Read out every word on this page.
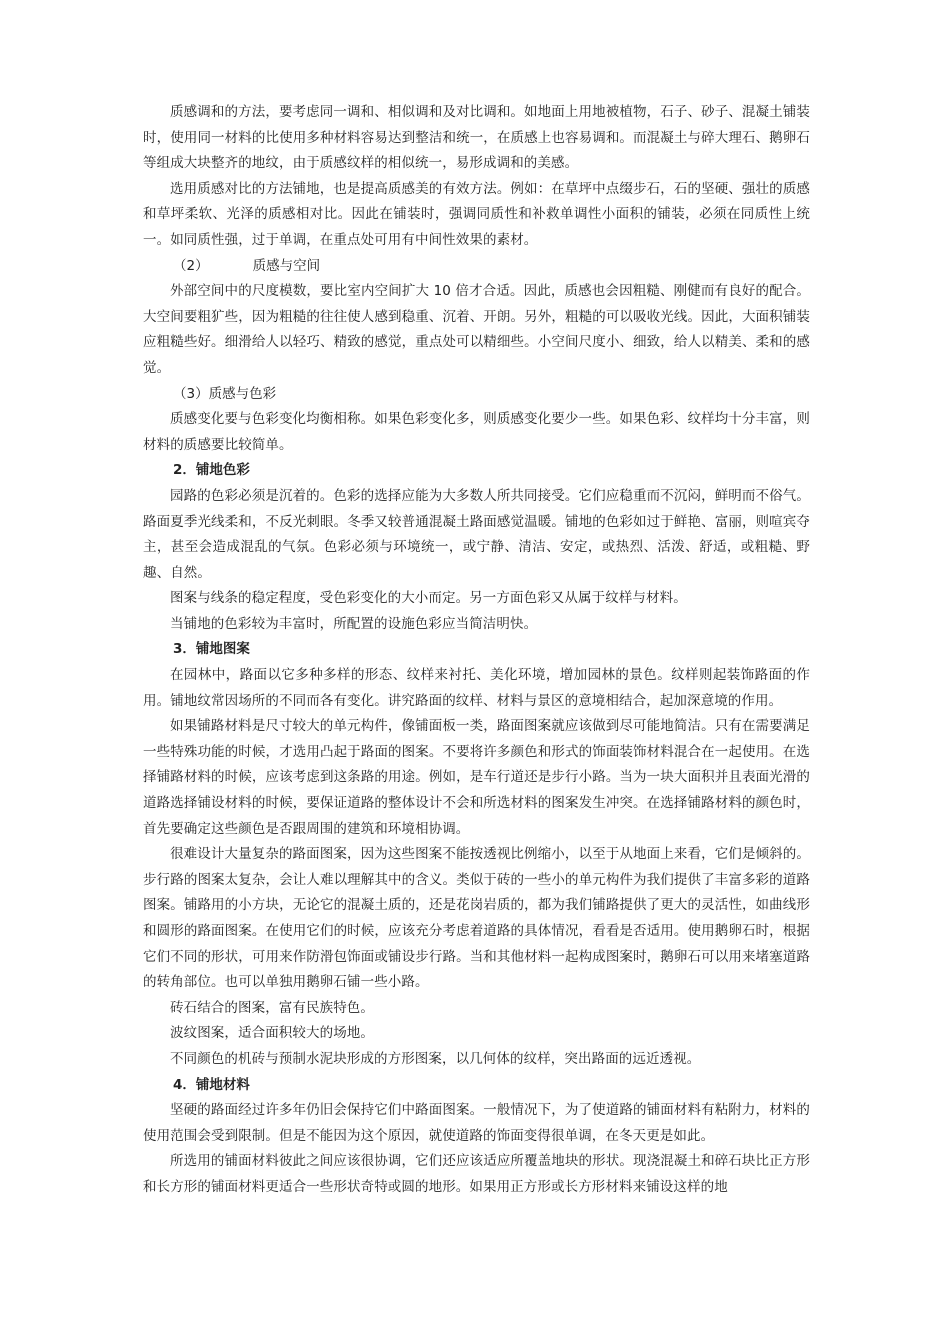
质感调和的方法，要考虑同一调和、相似调和及对比调和。如地面上用地被植物，石子、砂子、混凝土铺装时，使用同一材料的比使用多种材料容易达到整洁和统一，在质感上也容易调和。而混凝土与碎大理石、鹅卵石等组成大块整齐的地纹，由于质感纹样的相似统一，易形成调和的美感。

选用质感对比的方法铺地，也是提高质感美的有效方法。例如：在草坪中点缀步石，石的坚硬、强壮的质感和草坪柔软、光泽的质感相对比。因此在铺装时，强调同质性和补救单调性小面积的铺装，必须在同质性上统一。如同质性强，过于单调，在重点处可用有中间性效果的素材。

（2）	质感与空间

外部空间中的尺度模数，要比室内空间扩大 10 倍才合适。因此，质感也会因粗糙、刚健而有良好的配合。大空间要粗犷些，因为粗糙的往往使人感到稳重、沉着、开朗。另外，粗糙的可以吸收光线。因此，大面积铺装应粗糙些好。细滑给人以轻巧、精致的感觉，重点处可以精细些。小空间尺度小、细致，给人以精美、柔和的感觉。

（3）质感与色彩

质感变化要与色彩变化均衡相称。如果色彩变化多，则质感变化要少一些。如果色彩、纹样均十分丰富，则材料的质感要比较简单。

2．铺地色彩

园路的色彩必须是沉着的。色彩的选择应能为大多数人所共同接受。它们应稳重而不沉闷，鲜明而不俗气。路面夏季光线柔和，不反光刺眼。冬季又较普通混凝土路面感觉温暖。铺地的色彩如过于鲜艳、富丽，则喧宾夺主，甚至会造成混乱的气氛。色彩必须与环境统一，或宁静、清洁、安定，或热烈、活泼、舒适，或粗糙、野趣、自然。

图案与线条的稳定程度，受色彩变化的大小而定。另一方面色彩又从属于纹样与材料。

当铺地的色彩较为丰富时，所配置的设施色彩应当简洁明快。

3．铺地图案

在园林中，路面以它多种多样的形态、纹样来衬托、美化环境，增加园林的景色。纹样则起装饰路面的作用。铺地纹常因场所的不同而各有变化。讲究路面的纹样、材料与景区的意境相结合，起加深意境的作用。

如果铺路材料是尺寸较大的单元构件，像铺面板一类，路面图案就应该做到尽可能地简洁。只有在需要满足一些特殊功能的时候，才选用凸起于路面的图案。不要将许多颜色和形式的饰面装饰材料混合在一起使用。在选择铺路材料的时候，应该考虑到这条路的用途。例如，是车行道还是步行小路。当为一块大面积并且表面光滑的道路选择铺设材料的时候，要保证道路的整体设计不会和所选材料的图案发生冲突。在选择铺路材料的颜色时，首先要确定这些颜色是否跟周围的建筑和环境相协调。

很难设计大量复杂的路面图案，因为这些图案不能按透视比例缩小，以至于从地面上来看，它们是倾斜的。步行路的图案太复杂，会让人难以理解其中的含义。类似于砖的一些小的单元构件为我们提供了丰富多彩的道路图案。铺路用的小方块，无论它的混凝土质的，还是花岗岩质的，都为我们铺路提供了更大的灵活性，如曲线形和圆形的路面图案。在使用它们的时候，应该充分考虑着道路的具体情况，看看是否适用。使用鹅卵石时，根据它们不同的形状，可用来作防滑包饰面或铺设步行路。当和其他材料一起构成图案时，鹅卵石可以用来堵塞道路的转角部位。也可以单独用鹅卵石铺一些小路。

砖石结合的图案，富有民族特色。

波纹图案，适合面积较大的场地。

不同颜色的机砖与预制水泥块形成的方形图案，以几何体的纹样，突出路面的远近透视。

4．铺地材料

坚硬的路面经过许多年仍旧会保持它们中路面图案。一般情况下，为了使道路的铺面材料有粘附力，材料的使用范围会受到限制。但是不能因为这个原因，就使道路的饰面变得很单调，在冬天更是如此。

所选用的铺面材料彼此之间应该很协调，它们还应该适应所覆盖地块的形状。现浇混凝土和碎石块比正方形和长方形的铺面材料更适合一些形状奇特或圆的地形。如果用正方形或长方形材料来铺设这样的地
